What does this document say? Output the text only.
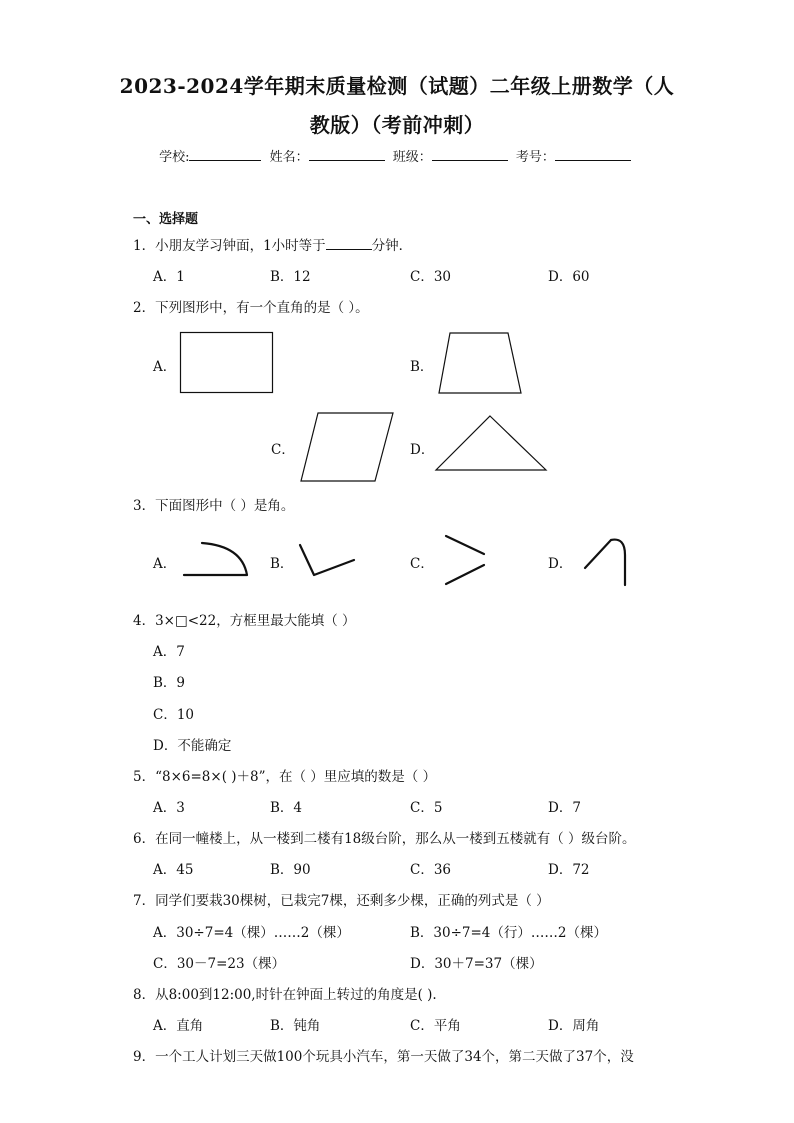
2023-2024学年期末质量检测（试题）二年级上册数学（人
教版）（考前冲刺）
学校:	姓名：	班级：	考号：
一、选择题
1．小朋友学习钟面，1小时等于	分钟．
A．1	B．12	C．30	D．60
2．下列图形中，有一个直角的是（ ）。
A．	B．
C．	D．
3．下面图形中（ ）是角。
A．	B．	C．	D．
4．3×□<22，方框里最大能填（ ）
A．7
B．9
C．10
D．不能确定
5．“8×6=8×( )＋8”，在（ ）里应填的数是（ ）
A．3	B．4	C．5	D．7
6．在同一幢楼上，从一楼到二楼有18级台阶，那么从一楼到五楼就有（ ）级台阶。
A．45	B．90	C．36	D．72
7．同学们要栽30棵树，已栽完7棵，还剩多少棵，正确的列式是（ ）
A．30÷7=4（棵）……2（棵）	B．30÷7=4（行）……2（棵）
C．30－7=23（棵）	D．30＋7=37（棵）
8．从8:00到12:00,时针在钟面上转过的角度是( ).
A．直角	B．钝角	C．平角	D．周角
9．一个工人计划三天做100个玩具小汽车，第一天做了34个，第二天做了37个，没
